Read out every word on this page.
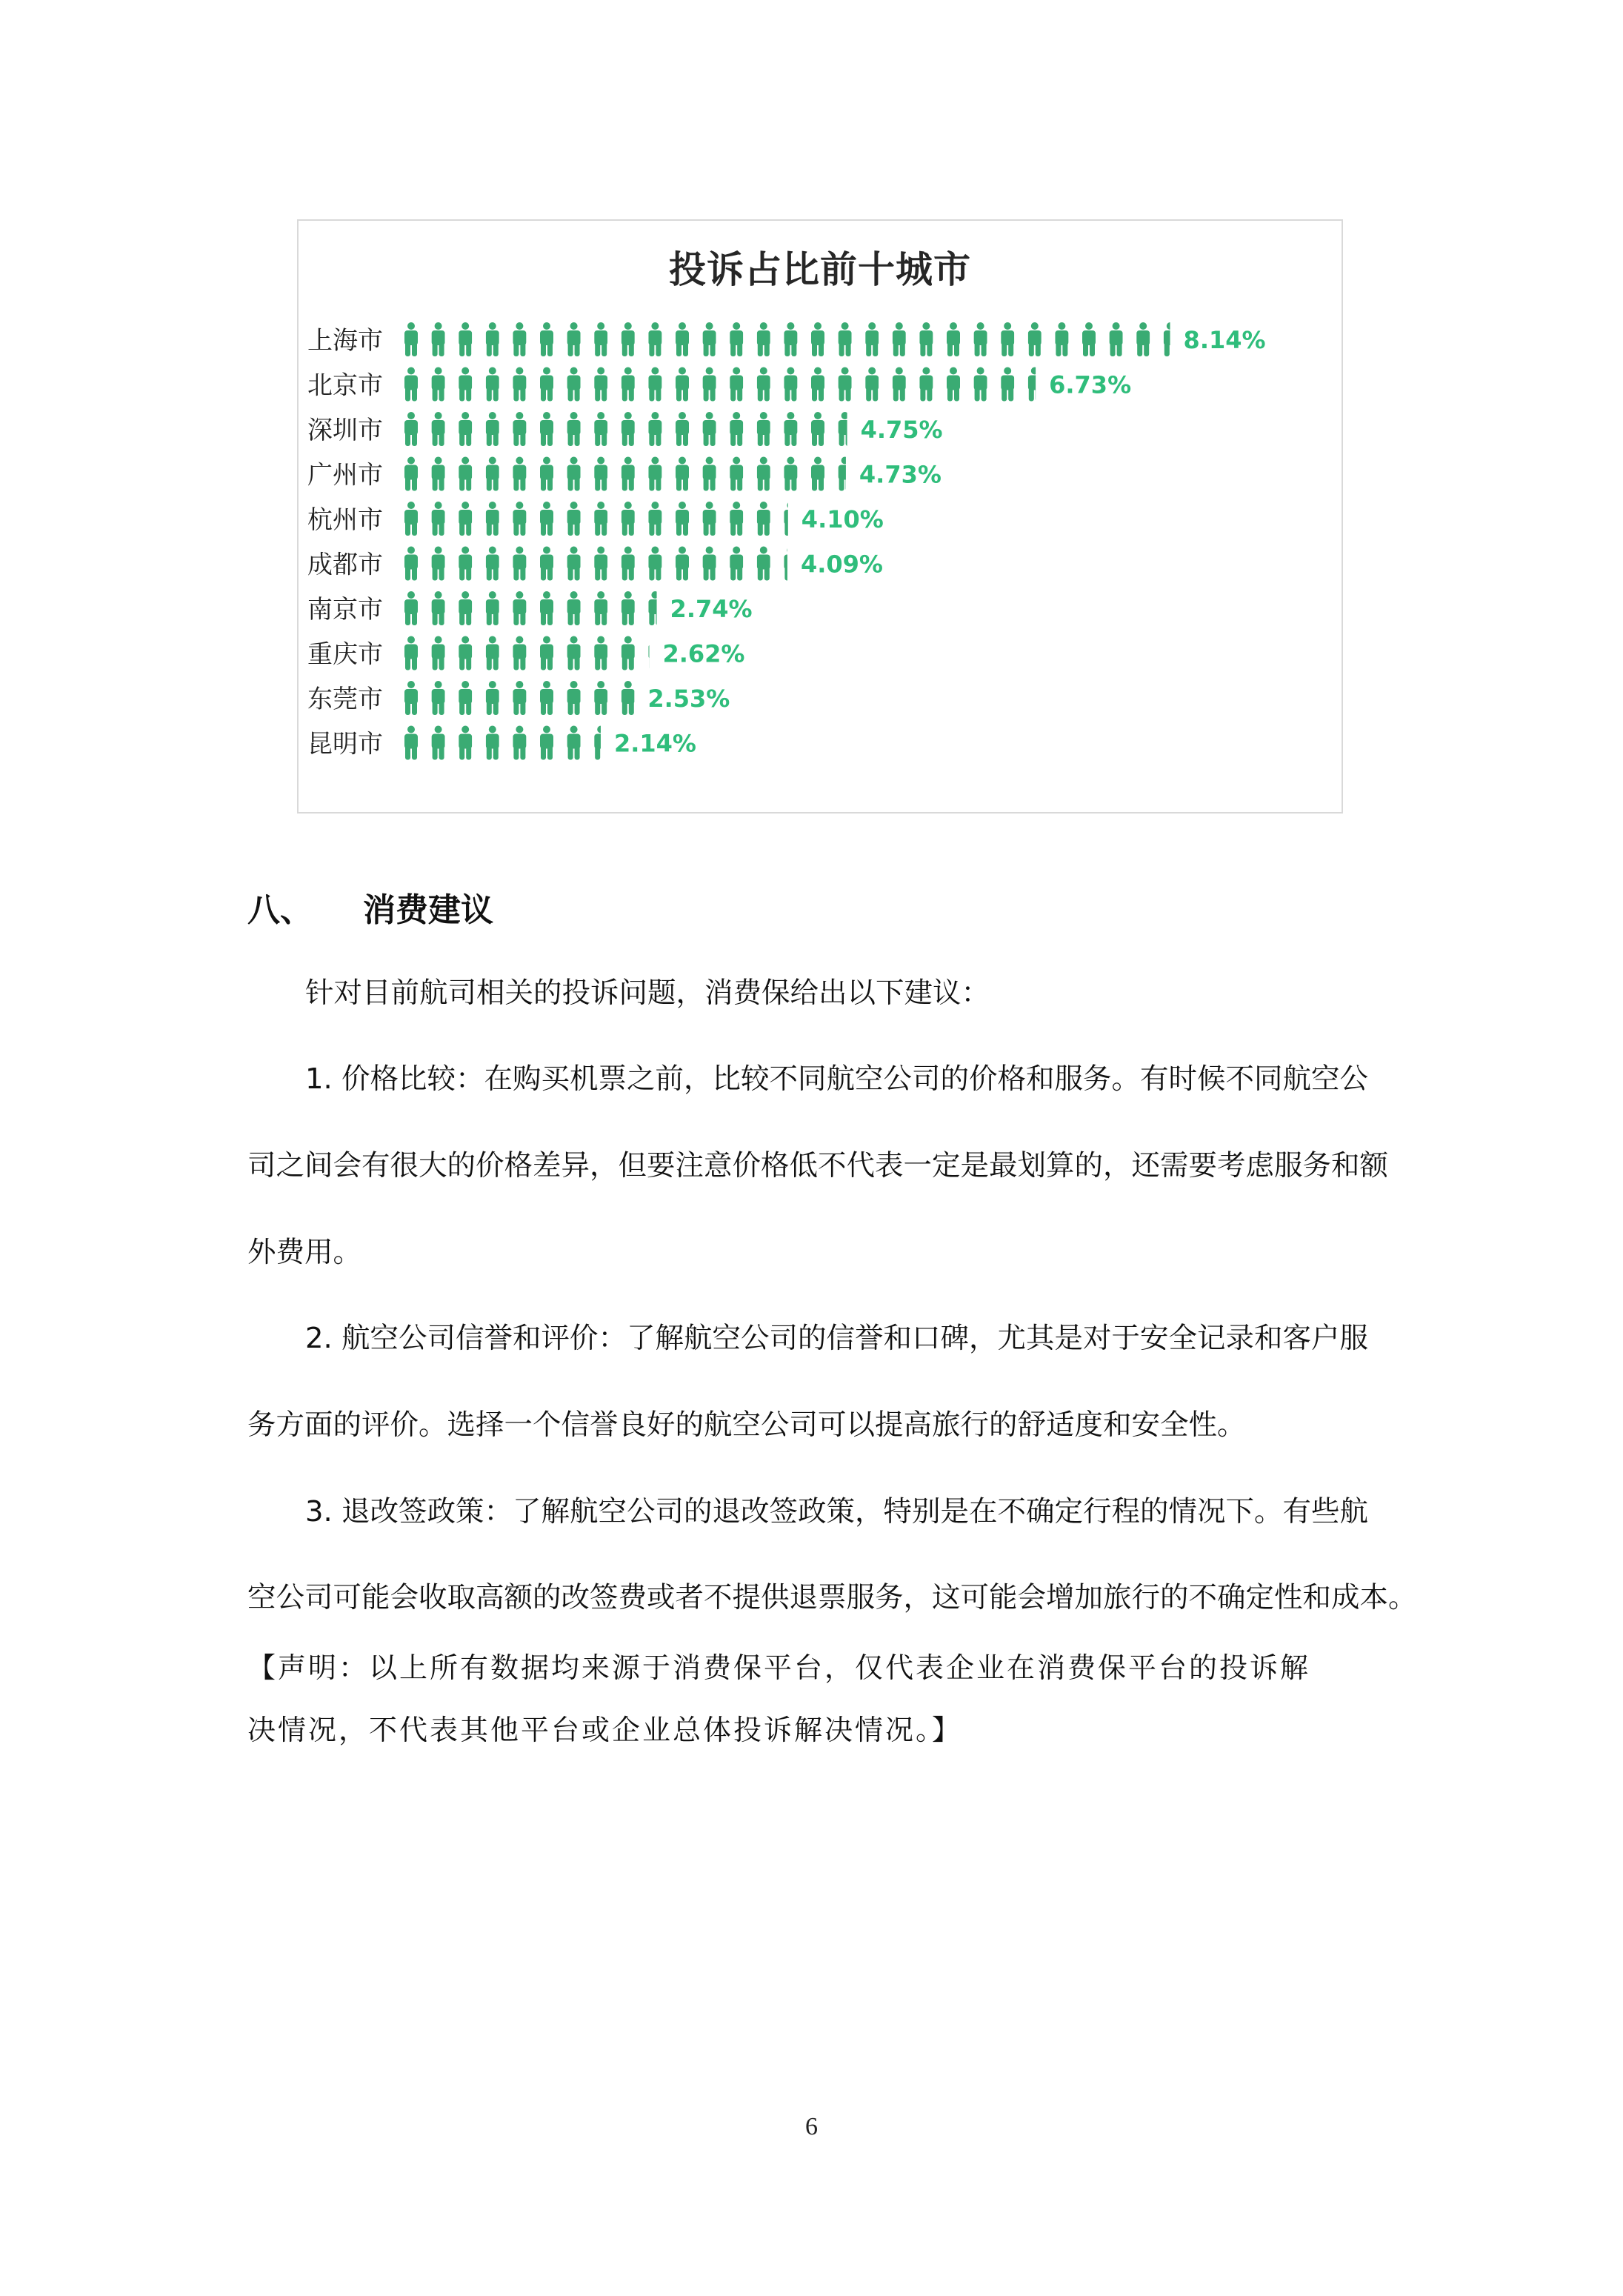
投诉占比前十城市
上海市	8.14%
北京市	6.73%
深圳市	4.75%
广州市	4.73%
杭州市	4.10%
成都市	4.09%
南京市	2.74%
重庆市	2.62%
东莞市	2.53%
昆明市	2.14%
八、 消费建议
针对目前航司相关的投诉问题，消费保给出以下建议：
1. 价格比较：在购买机票之前，比较不同航空公司的价格和服务。有时候不同航空公
司之间会有很大的价格差异，但要注意价格低不代表一定是最划算的，还需要考虑服务和额
外费用。
2. 航空公司信誉和评价：了解航空公司的信誉和口碑，尤其是对于安全记录和客户服
务方面的评价。选择一个信誉良好的航空公司可以提高旅行的舒适度和安全性。
3. 退改签政策：了解航空公司的退改签政策，特别是在不确定行程的情况下。有些航
空公司可能会收取高额的改签费或者不提供退票服务，这可能会增加旅行的不确定性和成本。
【声明：以上所有数据均来源于消费保平台，仅代表企业在消费保平台的投诉解
决情况，不代表其他平台或企业总体投诉解决情况。】
6
